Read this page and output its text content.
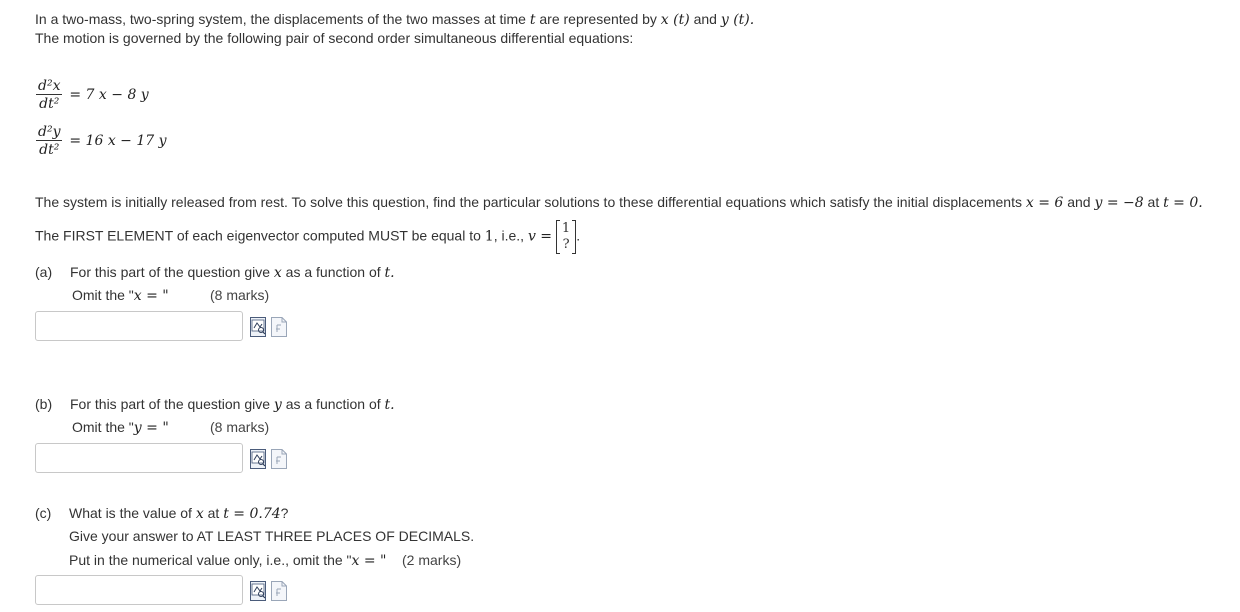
In a two-mass, two-spring system, the displacements of the two masses at time t are represented by x (t) and y (t).
The motion is governed by the following pair of second order simultaneous differential equations:
$\frac{\text{d²x}}{\text{dt²}} = 7$ x − 8 y
$\frac{\text{d²y}}{\text{dt²}} = 16$ x − 17 y
The system is initially released from rest. To solve this question, find the particular solutions to these differential equations which satisfy the initial displacements x = 6 and y = −8 at t = 0.
The FIRST ELEMENT of each eigenvector computed MUST be equal to 1, i.e., v =
1
?
.
(a) For this part of the question give x as a function of t.
Omit the "x = "	(8 marks)
(b) For this part of the question give y as a function of t.
Omit the "y = "	(8 marks)
(c) What is the value of x at t = 0.74?
Give your answer to AT LEAST THREE PLACES OF DECIMALS.
Put in the numerical value only, i.e., omit the "x = " (2 marks)
